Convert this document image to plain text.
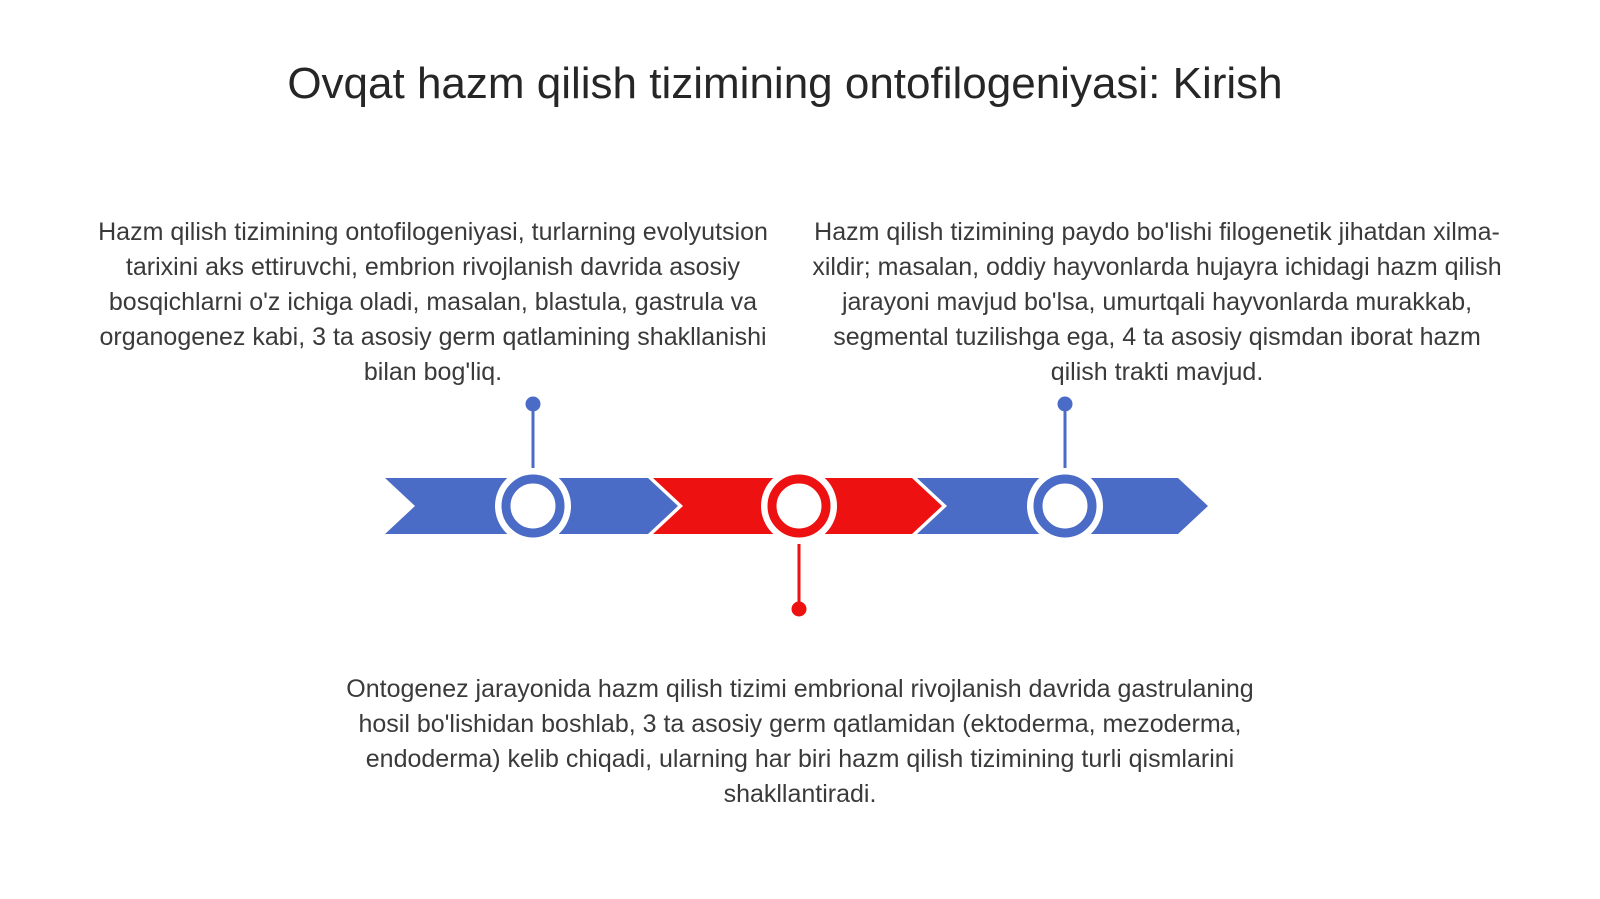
Ovqat hazm qilish tizimining ontofilogeniyasi: Kirish
Hazm qilish tizimining ontofilogeniyasi, turlarning evolyutsion tarixini aks ettiruvchi, embrion rivojlanish davrida asosiy bosqichlarni o'z ichiga oladi, masalan, blastula, gastrula va organogenez kabi, 3 ta asosiy germ qatlamining shakllanishi bilan bog'liq.
Hazm qilish tizimining paydo bo'lishi filogenetik jihatdan xilma-xildir; masalan, oddiy hayvonlarda hujayra ichidagi hazm qilish jarayoni mavjud bo'lsa, umurtqali hayvonlarda murakkab, segmental tuzilishga ega, 4 ta asosiy qismdan iborat hazm qilish trakti mavjud.
Ontogenez jarayonida hazm qilish tizimi embrional rivojlanish davrida gastrulaning hosil bo'lishidan boshlab, 3 ta asosiy germ qatlamidan (ektoderma, mezoderma, endoderma) kelib chiqadi, ularning har biri hazm qilish tizimining turli qismlarini shakllantiradi.
